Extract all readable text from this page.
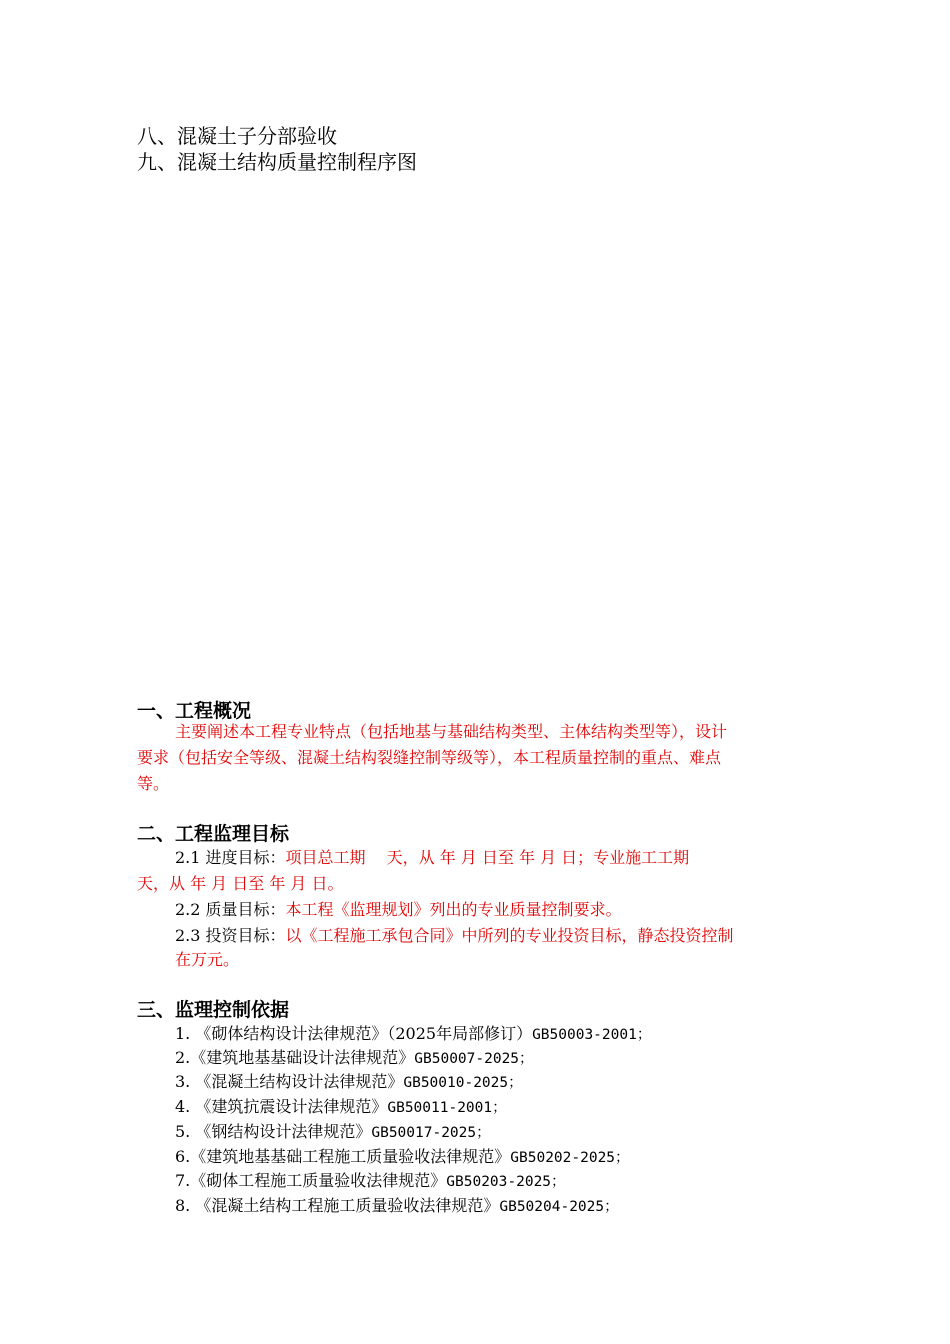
八、混凝土子分部验收
九、混凝土结构质量控制程序图
一、工程概况
主要阐述本工程专业特点（包括地基与基础结构类型、主体结构类型等），设计
要求（包括安全等级、混凝土结构裂缝控制等级等），本工程质量控制的重点、难点
等。
二、工程监理目标
2.1 进度目标：项目总工期　 天，从 年 月 日至 年 月 日；专业施工工期
天，从 年 月 日至 年 月 日。
2.2 质量目标：本工程《监理规划》列出的专业质量控制要求。
2.3 投资目标：以《工程施工承包合同》中所列的专业投资目标，静态投资控制
在万元。
三、监理控制依据
1. 《砌体结构设计法律规范》（2025年局部修订）GB50003-2001；
2.《建筑地基基础设计法律规范》GB50007-2025；
3. 《混凝土结构设计法律规范》GB50010-2025；
4. 《建筑抗震设计法律规范》GB50011-2001；
5. 《钢结构设计法律规范》GB50017-2025；
6.《建筑地基基础工程施工质量验收法律规范》GB50202-2025；
7.《砌体工程施工质量验收法律规范》GB50203-2025；
8. 《混凝土结构工程施工质量验收法律规范》GB50204-2025；
